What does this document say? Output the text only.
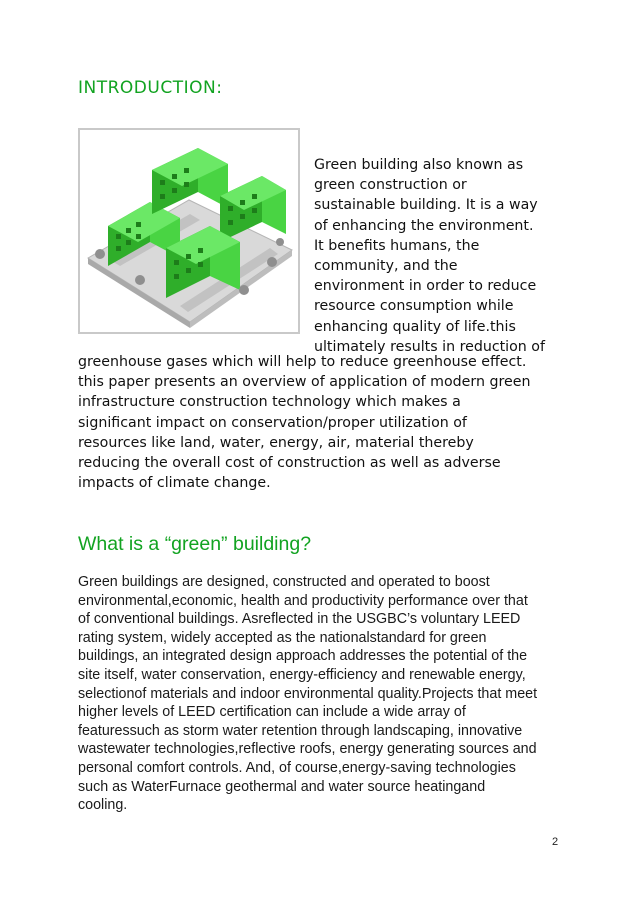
INTRODUCTION:
Green building also known as
green construction or
sustainable building. It is a way
of enhancing the environment.
It benefits humans, the
community, and the
environment in order to reduce
resource consumption while
enhancing quality of life.this
ultimately results in reduction of
greenhouse gases which will help to reduce greenhouse effect.
this paper presents an overview of application of modern green
infrastructure construction technology which makes a
significant impact on conservation/proper utilization of
resources like land, water, energy, air, material thereby
reducing the overall cost of construction as well as adverse
impacts of climate change.
What is a “green” building?
Green buildings are designed, constructed and operated to boost
environmental,economic, health and productivity performance over that
of conventional buildings. Asreflected in the USGBC’s voluntary LEED
rating system, widely accepted as the nationalstandard for green
buildings, an integrated design approach addresses the potential of the
site itself, water conservation, energy-efficiency and renewable energy,
selectionof materials and indoor environmental quality.Projects that meet
higher levels of LEED certification can include a wide array of
featuressuch as storm water retention through landscaping, innovative
wastewater technologies,reflective roofs, energy generating sources and
personal comfort controls. And, of course,energy-saving technologies
such as WaterFurnace geothermal and water source heatingand
cooling.
2
